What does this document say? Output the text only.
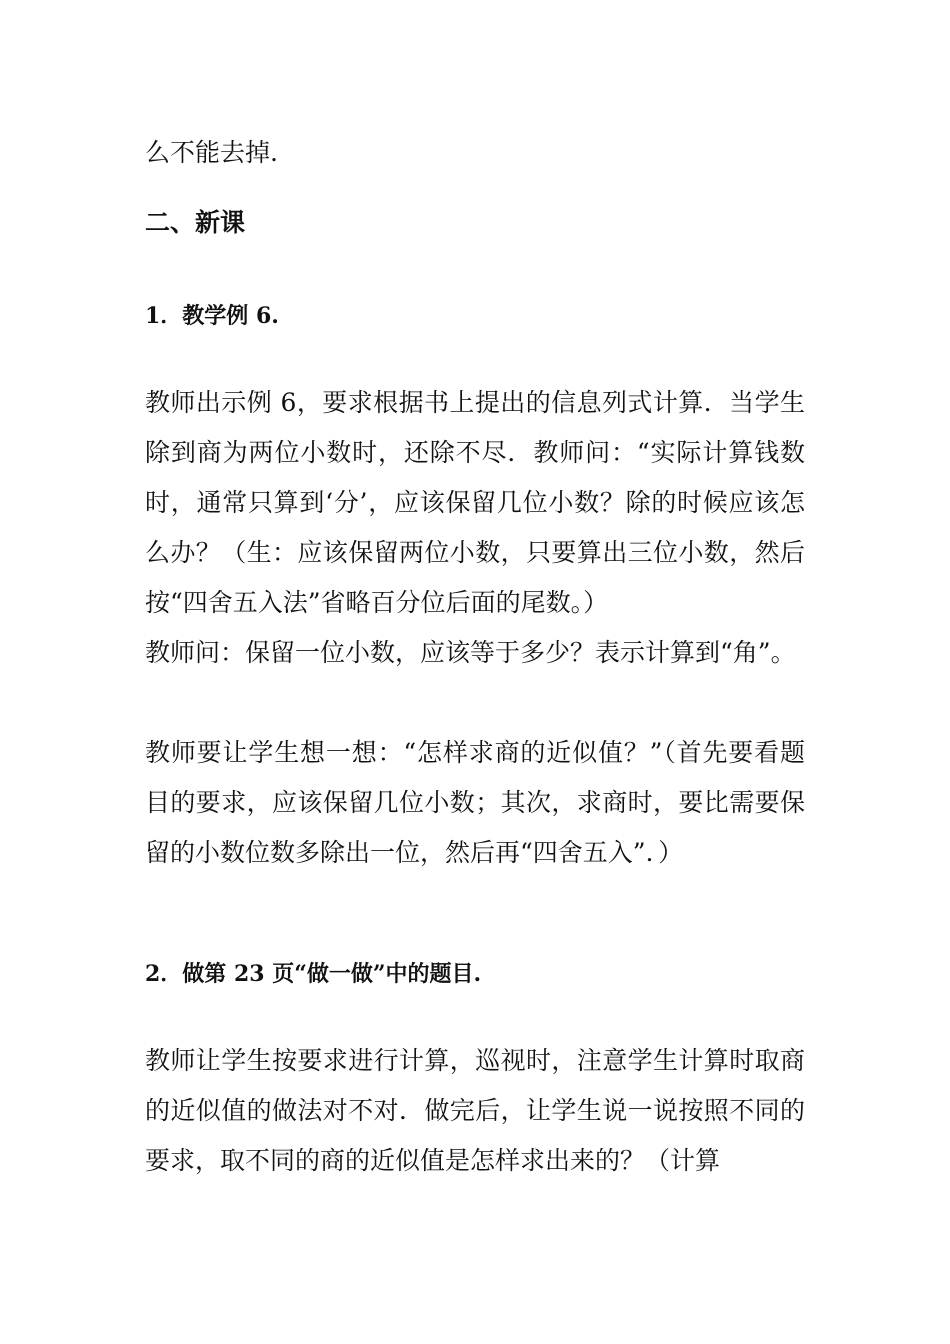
么不能去掉.

二、新课

1．教学例 6.

教师出示例 6，要求根据书上提出的信息列式计算．当学生除到商为两位小数时，还除不尽．教师问：“实际计算钱数时，通常只算到‘分’，应该保留几位小数？除的时候应该怎么办？（生：应该保留两位小数，只要算出三位小数，然后按“四舍五入法”省略百分位后面的尾数。）

教师问：保留一位小数，应该等于多少？表示计算到“角”。

教师要让学生想一想：“怎样求商的近似值？”（首先要看题目的要求，应该保留几位小数；其次，求商时，要比需要保留的小数位数多除出一位，然后再“四舍五入”．）

2．做第 23 页“做一做”中的题目.

教师让学生按要求进行计算，巡视时，注意学生计算时取商的近似值的做法对不对．做完后，让学生说一说按照不同的要求，取不同的商的近似值是怎样求出来的？（计算
